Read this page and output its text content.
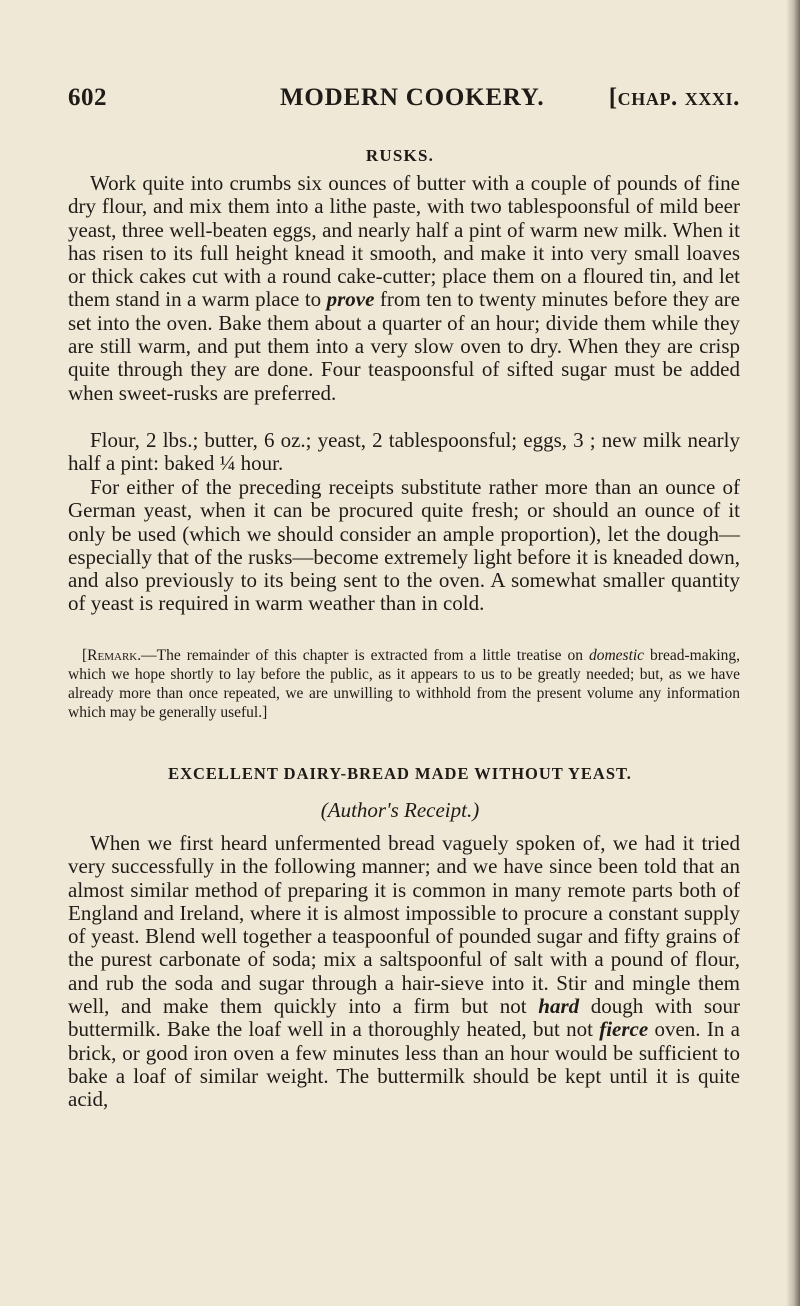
602	MODERN COOKERY.	[chap. xxxi.
RUSKS.

Work quite into crumbs six ounces of butter with a couple of pounds of fine dry flour, and mix them into a lithe paste, with two tablespoonsful of mild beer yeast, three well-beaten eggs, and nearly half a pint of warm new milk. When it has risen to its full height knead it smooth, and make it into very small loaves or thick cakes cut with a round cake-cutter; place them on a floured tin, and let them stand in a warm place to prove from ten to twenty minutes before they are set into the oven. Bake them about a quarter of an hour; divide them while they are still warm, and put them into a very slow oven to dry. When they are crisp quite through they are done. Four teaspoonsful of sifted sugar must be added when sweet-rusks are preferred.

Flour, 2 lbs.; butter, 6 oz.; yeast, 2 tablespoonsful; eggs, 3 ; new milk nearly half a pint: baked ¼ hour.

For either of the preceding receipts substitute rather more than an ounce of German yeast, when it can be procured quite fresh; or should an ounce of it only be used (which we should consider an ample proportion), let the dough—especially that of the rusks—become extremely light before it is kneaded down, and also previously to its being sent to the oven. A somewhat smaller quantity of yeast is required in warm weather than in cold.

[Remark.—The remainder of this chapter is extracted from a little treatise on domestic bread-making, which we hope shortly to lay before the public, as it appears to us to be greatly needed; but, as we have already more than once repeated, we are unwilling to withhold from the present volume any information which may be generally useful.]

EXCELLENT DAIRY-BREAD MADE WITHOUT YEAST.
(Author's Receipt.)

When we first heard unfermented bread vaguely spoken of, we had it tried very successfully in the following manner; and we have since been told that an almost similar method of preparing it is common in many remote parts both of England and Ireland, where it is almost impossible to procure a constant supply of yeast. Blend well together a teaspoonful of pounded sugar and fifty grains of the purest carbonate of soda; mix a saltspoonful of salt with a pound of flour, and rub the soda and sugar through a hair-sieve into it. Stir and mingle them well, and make them quickly into a firm but not hard dough with sour buttermilk. Bake the loaf well in a thoroughly heated, but not fierce oven. In a brick, or good iron oven a few minutes less than an hour would be sufficient to bake a loaf of similar weight. The buttermilk should be kept until it is quite acid,
